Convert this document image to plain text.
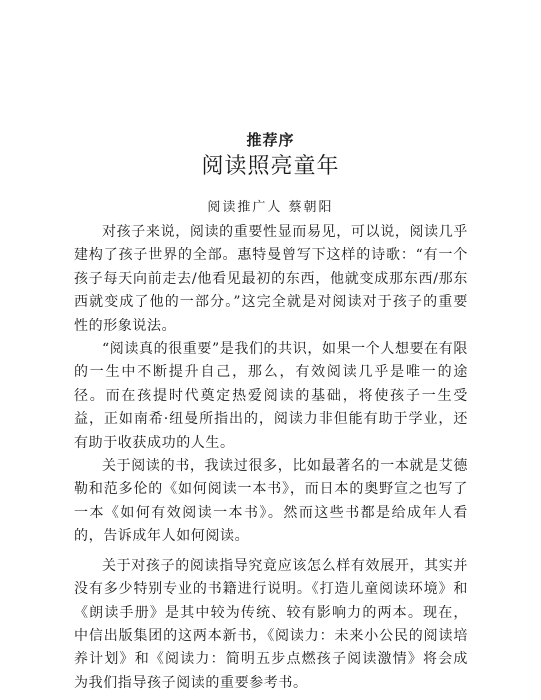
推荐序
阅读照亮童年
阅读推广人 蔡朝阳

对孩子来说，阅读的重要性显而易见，可以说，阅读几乎建构了孩子世界的全部。惠特曼曾写下这样的诗歌：“有一个孩子每天向前走去/他看见最初的东西，他就变成那东西/那东西就变成了他的一部分。”这完全就是对阅读对于孩子的重要性的形象说法。

“阅读真的很重要”是我们的共识，如果一个人想要在有限的一生中不断提升自己，那么，有效阅读几乎是唯一的途径。而在孩提时代奠定热爱阅读的基础，将使孩子一生受益，正如南希·纽曼所指出的，阅读力非但能有助于学业，还有助于收获成功的人生。

关于阅读的书，我读过很多，比如最著名的一本就是艾德勒和范多伦的《如何阅读一本书》，而日本的奥野宣之也写了一本《如何有效阅读一本书》。然而这些书都是给成年人看的，告诉成年人如何阅读。

关于对孩子的阅读指导究竟应该怎么样有效展开，其实并没有多少特别专业的书籍进行说明。《打造儿童阅读环境》和《朗读手册》是其中较为传统、较有影响力的两本。现在，中信出版集团的这两本新书，《阅读力：未来小公民的阅读培养计划》和《阅读力：简明五步点燃孩子阅读激情》将会成为我们指导孩子阅读的重要参考书。
